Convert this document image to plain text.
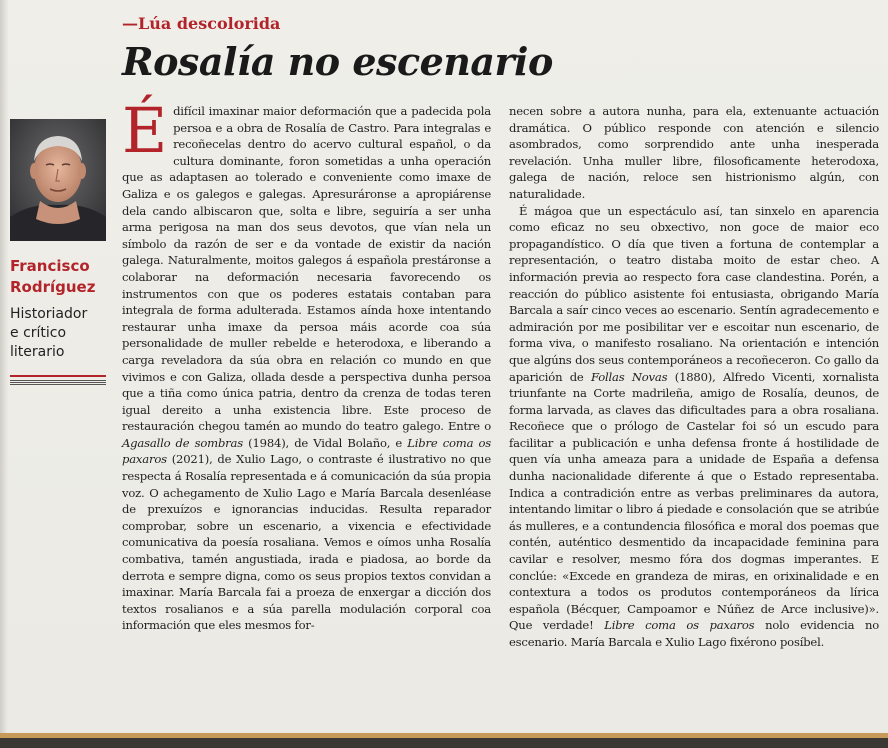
—Lúa descolorida
Rosalía no escenario
Francisco
Rodríguez
Historiador
e crítico
literario

Édifícil imaxinar maior deformación que a padecida pola persoa e a obra de Rosalía de Castro. Para integralas e recoñecelas dentro do acervo cultural español, o da cultura dominante, foron sometidas a unha operación que as adaptasen ao tolerado e conveniente como imaxe de Galiza e os galegos e galegas. Apresuráronse a apropiárense dela cando albiscaron que, solta e libre, seguiría a ser unha arma perigosa na man dos seus devotos, que vían nela un símbolo da razón de ser e da vontade de existir da nación galega. Naturalmente, moitos galegos á española prestáronse a colaborar na deformación necesaria favorecendo os instrumentos con que os poderes estatais contaban para integrala de forma adulterada. Estamos aínda hoxe intentando restaurar unha imaxe da persoa máis acorde coa súa personalidade de muller rebelde e heterodoxa, e liberando a carga reveladora da súa obra en relación co mundo en que vivimos e con Galiza, ollada desde a perspectiva dunha persoa que a tiña como única patria, dentro da crenza de todas teren igual dereito a unha existencia libre. Este proceso de restauración chegou tamén ao mundo do teatro galego. Entre o Agasallo de sombras (1984), de Vidal Bolaño, e Libre coma os paxaros (2021), de Xulio Lago, o contraste é ilustrativo no que respecta á Rosalía representada e á comunicación da súa propia voz. O achegamento de Xulio Lago e María Barcala desenléase de prexuízos e ignorancias inducidas. Resulta reparador comprobar, sobre un escenario, a vixencia e efectividade comunicativa da poesía rosaliana. Vemos e oímos unha Rosalía combativa, tamén angustiada, irada e piadosa, ao borde da derrota e sempre digna, como os seus propios textos convidan a imaxinar. María Barcala fai a proeza de enxergar a dicción dos textos rosalianos e a súa parella modulación corporal coa información que eles mesmos for-

necen sobre a autora nunha, para ela, extenuante actuación dramática. O público responde con atención e silencio asombrados, como sorprendido ante unha inesperada revelación. Unha muller libre, filosoficamente heterodoxa, galega de nación, reloce sen histrionismo algún, con naturalidade.

É mágoa que un espectáculo así, tan sinxelo en aparencia como eficaz no seu obxectivo, non goce de maior eco propagandístico. O día que tiven a fortuna de contemplar a representación, o teatro distaba moito de estar cheo. A información previa ao respecto fora case clandestina. Porén, a reacción do público asistente foi entusiasta, obrigando María Barcala a saír cinco veces ao escenario. Sentín agradecemento e admiración por me posibilitar ver e escoitar nun escenario, de forma viva, o manifesto rosaliano. Na orientación e intención que algúns dos seus contemporáneos a recoñeceron. Co gallo da aparición de Follas Novas (1880), Alfredo Vicenti, xornalista triunfante na Corte madrileña, amigo de Rosalía, deunos, de forma larvada, as claves das dificultades para a obra rosaliana. Recoñece que o prólogo de Castelar foi só un escudo para facilitar a publicación e unha defensa fronte á hostilidade de quen vía unha ameaza para a unidade de España a defensa dunha nacionalidade diferente á que o Estado representaba. Indica a contradición entre as verbas preliminares da autora, intentando limitar o libro á piedade e consolación que se atribúe ás mulleres, e a contundencia filosófica e moral dos poemas que contén, auténtico desmentido da incapacidade feminina para cavilar e resolver, mesmo fóra dos dogmas imperantes. E conclúe: «Excede en grandeza de miras, en orixinalidade e en contextura a todos os produtos contemporáneos da lírica española (Bécquer, Campoamor e Núñez de Arce inclusive)». Que verdade! Libre coma os paxaros nolo evidencia no escenario. María Barcala e Xulio Lago fixérono posíbel.
